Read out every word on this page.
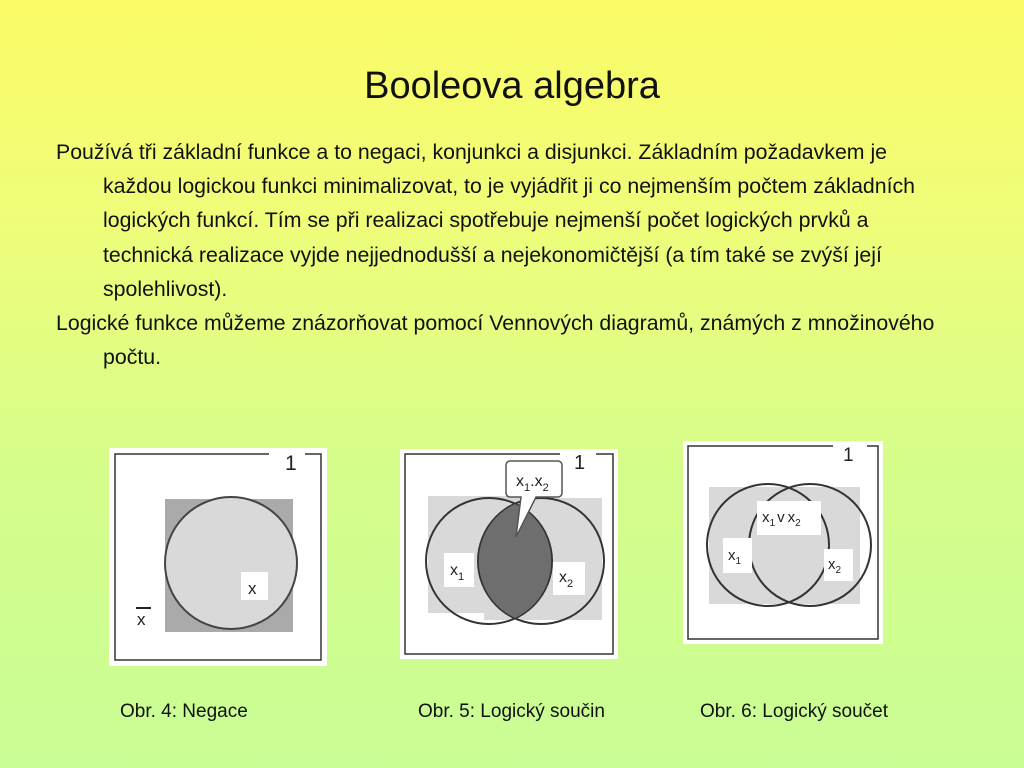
Booleova algebra

Používá tři základní funkce a to negaci, konjunkci a disjunkci. Základním požadavkem je každou logickou funkci minimalizovat, to je vyjádřit ji co nejmenším počtem základních logických funkcí. Tím se při realizaci spotřebuje nejmenší počet logických prvků a technická realizace vyjde nejjednodušší a nejekonomičtější (a tím také se zvýší její spolehlivost).

Logické funkce můžeme znázorňovat pomocí Vennových diagramů, známých z množinového počtu.

1
x
x
1
$x_1.x_2$
$x_1$	$x_2$
1
$x_1$ v $x_2$
$x_1$	$x_2$
Obr. 4: Negace	Obr. 5: Logický součin	Obr. 6: Logický součet
